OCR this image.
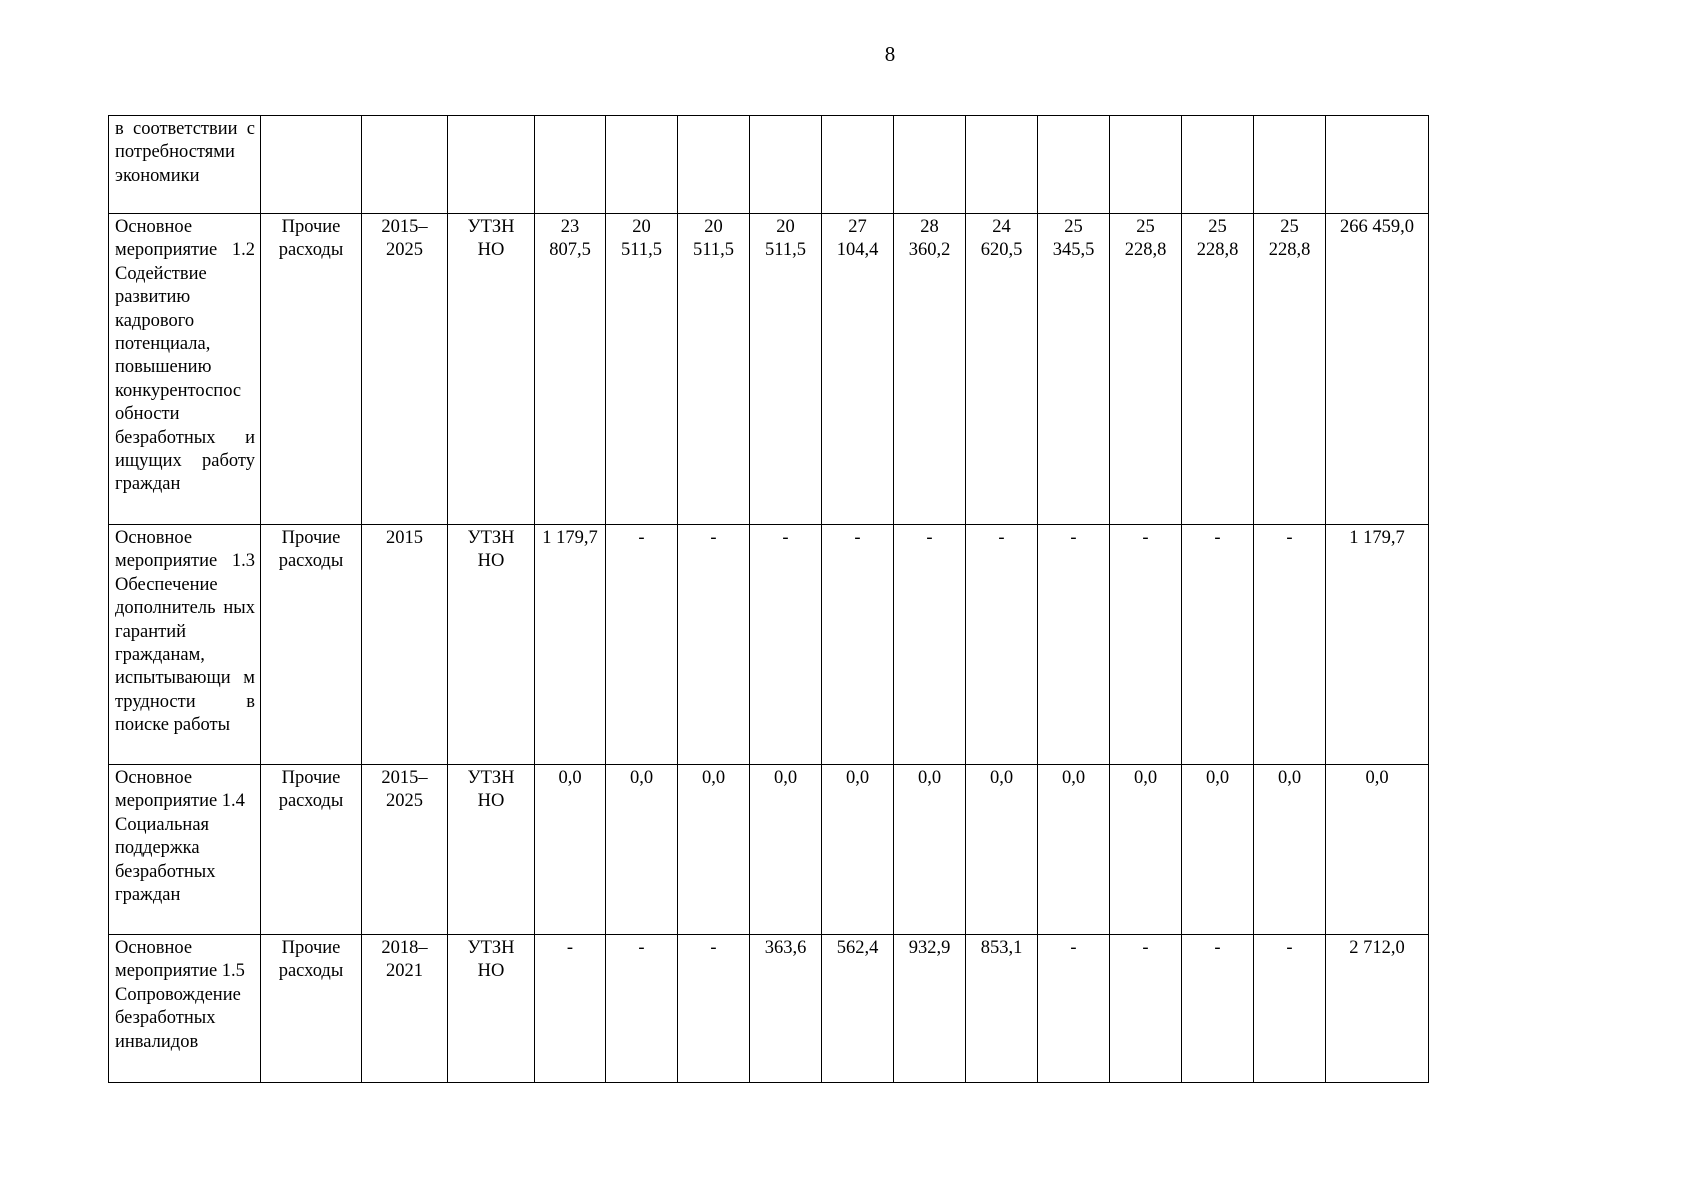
8
в соответствии с потребностями экономики															
Основное мероприятие 1.2 Содействие развитию кадрового потенциала, повышению конкурентоспос обности безработных и ищущих работу граждан	Прочие расходы	2015–2025	УТЗН НО	23 807,5	20 511,5	20 511,5	20 511,5	27 104,4	28 360,2	24 620,5	25 345,5	25 228,8	25 228,8	25 228,8	266 459,0
Основное мероприятие 1.3 Обеспечение дополнитель ных гарантий гражданам, испытывающи м трудности в поиске работы	Прочие расходы	2015	УТЗН НО	1 179,7	-	-	-	-	-	-	-	-	-	-	1 179,7
Основное мероприятие 1.4 Социальная поддержка безработных граждан	Прочие расходы	2015–2025	УТЗН НО	0,0	0,0	0,0	0,0	0,0	0,0	0,0	0,0	0,0	0,0	0,0	0,0
Основное мероприятие 1.5 Сопровождение безработных инвалидов	Прочие расходы	2018–2021	УТЗН НО	-	-	-	363,6	562,4	932,9	853,1	-	-	-	-	2 712,0
